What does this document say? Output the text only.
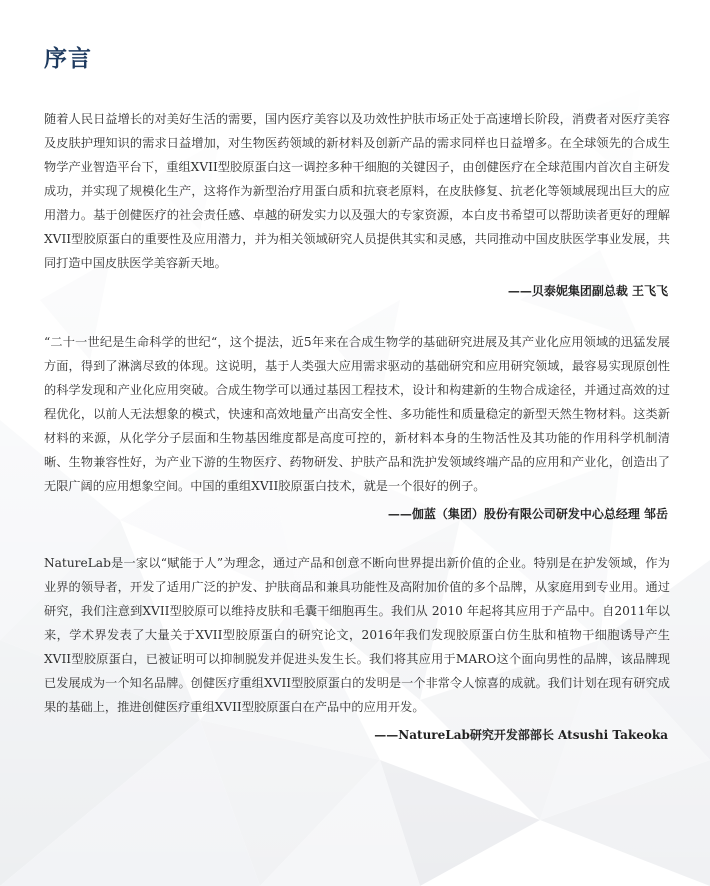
序言

随着人民日益增长的对美好生活的需要，国内医疗美容以及功效性护肤市场正处于高速增长阶段，消费者对医疗美容及皮肤护理知识的需求日益增加，对生物医药领域的新材料及创新产品的需求同样也日益增多。在全球领先的合成生物学产业智造平台下，重组XVII型胶原蛋白这一调控多种干细胞的关键因子，由创健医疗在全球范围内首次自主研发成功，并实现了规模化生产，这将作为新型治疗用蛋白质和抗衰老原料，在皮肤修复、抗老化等领域展现出巨大的应用潜力。基于创健医疗的社会责任感、卓越的研发实力以及强大的专家资源，本白皮书希望可以帮助读者更好的理解XVII型胶原蛋白的重要性及应用潜力，并为相关领域研究人员提供其实和灵感，共同推动中国皮肤医学事业发展，共同打造中国皮肤医学美容新天地。

——贝泰妮集团副总裁 王飞飞

“二十一世纪是生命科学的世纪“，这个提法，近5年来在合成生物学的基础研究进展及其产业化应用领域的迅猛发展方面，得到了淋漓尽致的体现。这说明，基于人类强大应用需求驱动的基础研究和应用研究领域，最容易实现原创性的科学发现和产业化应用突破。合成生物学可以通过基因工程技术，设计和构建新的生物合成途径，并通过高效的过程优化，以前人无法想象的模式，快速和高效地量产出高安全性、多功能性和质量稳定的新型天然生物材料。这类新材料的来源，从化学分子层面和生物基因维度都是高度可控的，新材料本身的生物活性及其功能的作用科学机制清晰、生物兼容性好，为产业下游的生物医疗、药物研发、护肤产品和洗护发领域终端产品的应用和产业化，创造出了无限广阔的应用想象空间。中国的重组XVII胶原蛋白技术，就是一个很好的例子。

——伽蓝（集团）股份有限公司研发中心总经理 邹岳

NatureLab是一家以“赋能于人”为理念，通过产品和创意不断向世界提出新价值的企业。特别是在护发领域，作为业界的领导者，开发了适用广泛的护发、护肤商品和兼具功能性及高附加价值的多个品牌，从家庭用到专业用。通过研究，我们注意到XVII型胶原可以维持皮肤和毛囊干细胞再生。我们从 2010 年起将其应用于产品中。自2011年以来，学术界发表了大量关于XVII型胶原蛋白的研究论文，2016年我们发现胶原蛋白仿生肽和植物干细胞诱导产生XVII型胶原蛋白，已被证明可以抑制脱发并促进头发生长。我们将其应用于MARO这个面向男性的品牌，该品牌现已发展成为一个知名品牌。创健医疗重组XVII型胶原蛋白的发明是一个非常令人惊喜的成就。我们计划在现有研究成果的基础上，推进创健医疗重组XVII型胶原蛋白在产品中的应用开发。

——NatureLab研究开发部部长 Atsushi Takeoka
